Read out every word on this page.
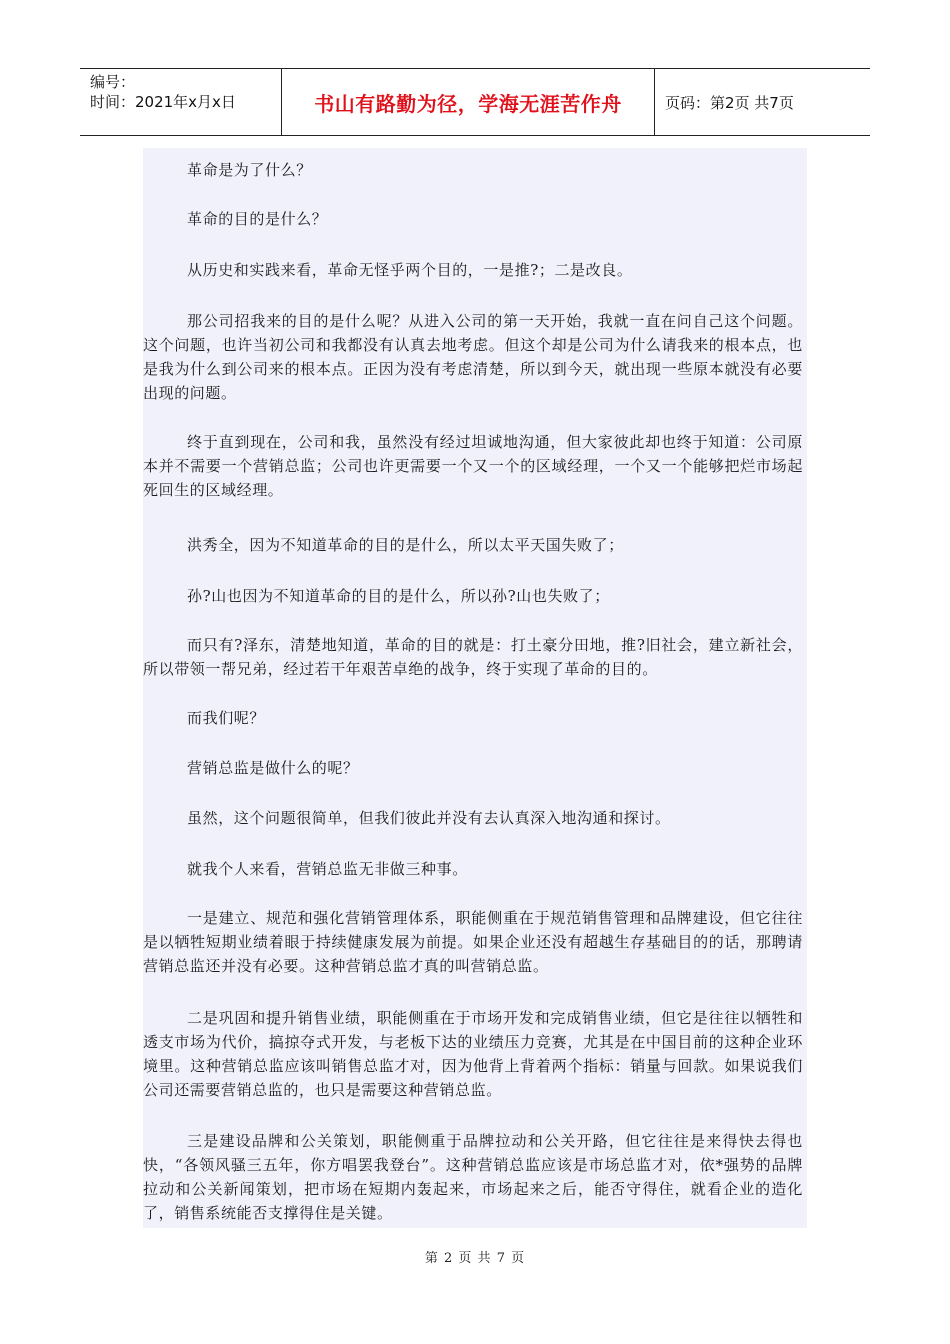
编号：
时间：2021年x月x日	书山有路勤为径，学海无涯苦作舟	页码：第2页 共7页

革命是为了什么？

革命的目的是什么？

从历史和实践来看，革命无怪乎两个目的，一是推?；二是改良。

那公司招我来的目的是什么呢？从进入公司的第一天开始，我就一直在问自己这个问题。这个问题，也许当初公司和我都没有认真去地考虑。但这个却是公司为什么请我来的根本点，也是我为什么到公司来的根本点。正因为没有考虑清楚，所以到今天，就出现一些原本就没有必要出现的问题。

终于直到现在，公司和我，虽然没有经过坦诚地沟通，但大家彼此却也终于知道：公司原本并不需要一个营销总监；公司也许更需要一个又一个的区域经理，一个又一个能够把烂市场起死回生的区域经理。

洪秀全，因为不知道革命的目的是什么，所以太平天国失败了；

孙?山也因为不知道革命的目的是什么，所以孙?山也失败了；

而只有?泽东，清楚地知道，革命的目的就是：打土豪分田地，推?旧社会，建立新社会，所以带领一帮兄弟，经过若干年艰苦卓绝的战争，终于实现了革命的目的。

而我们呢？

营销总监是做什么的呢？

虽然，这个问题很简单，但我们彼此并没有去认真深入地沟通和探讨。

就我个人来看，营销总监无非做三种事。

一是建立、规范和强化营销管理体系，职能侧重在于规范销售管理和品牌建设，但它往往是以牺牲短期业绩着眼于持续健康发展为前提。如果企业还没有超越生存基础目的的话，那聘请营销总监还并没有必要。这种营销总监才真的叫营销总监。

二是巩固和提升销售业绩，职能侧重在于市场开发和完成销售业绩，但它是往往以牺牲和透支市场为代价，搞掠夺式开发，与老板下达的业绩压力竞赛，尤其是在中国目前的这种企业环境里。这种营销总监应该叫销售总监才对，因为他背上背着两个指标：销量与回款。如果说我们公司还需要营销总监的，也只是需要这种营销总监。

三是建设品牌和公关策划，职能侧重于品牌拉动和公关开路，但它往往是来得快去得也快，“各领风骚三五年，你方唱罢我登台”。这种营销总监应该是市场总监才对，依*强势的品牌拉动和公关新闻策划，把市场在短期内轰起来，市场起来之后，能否守得住，就看企业的造化了，销售系统能否支撑得住是关键。

第 2 页 共 7 页
